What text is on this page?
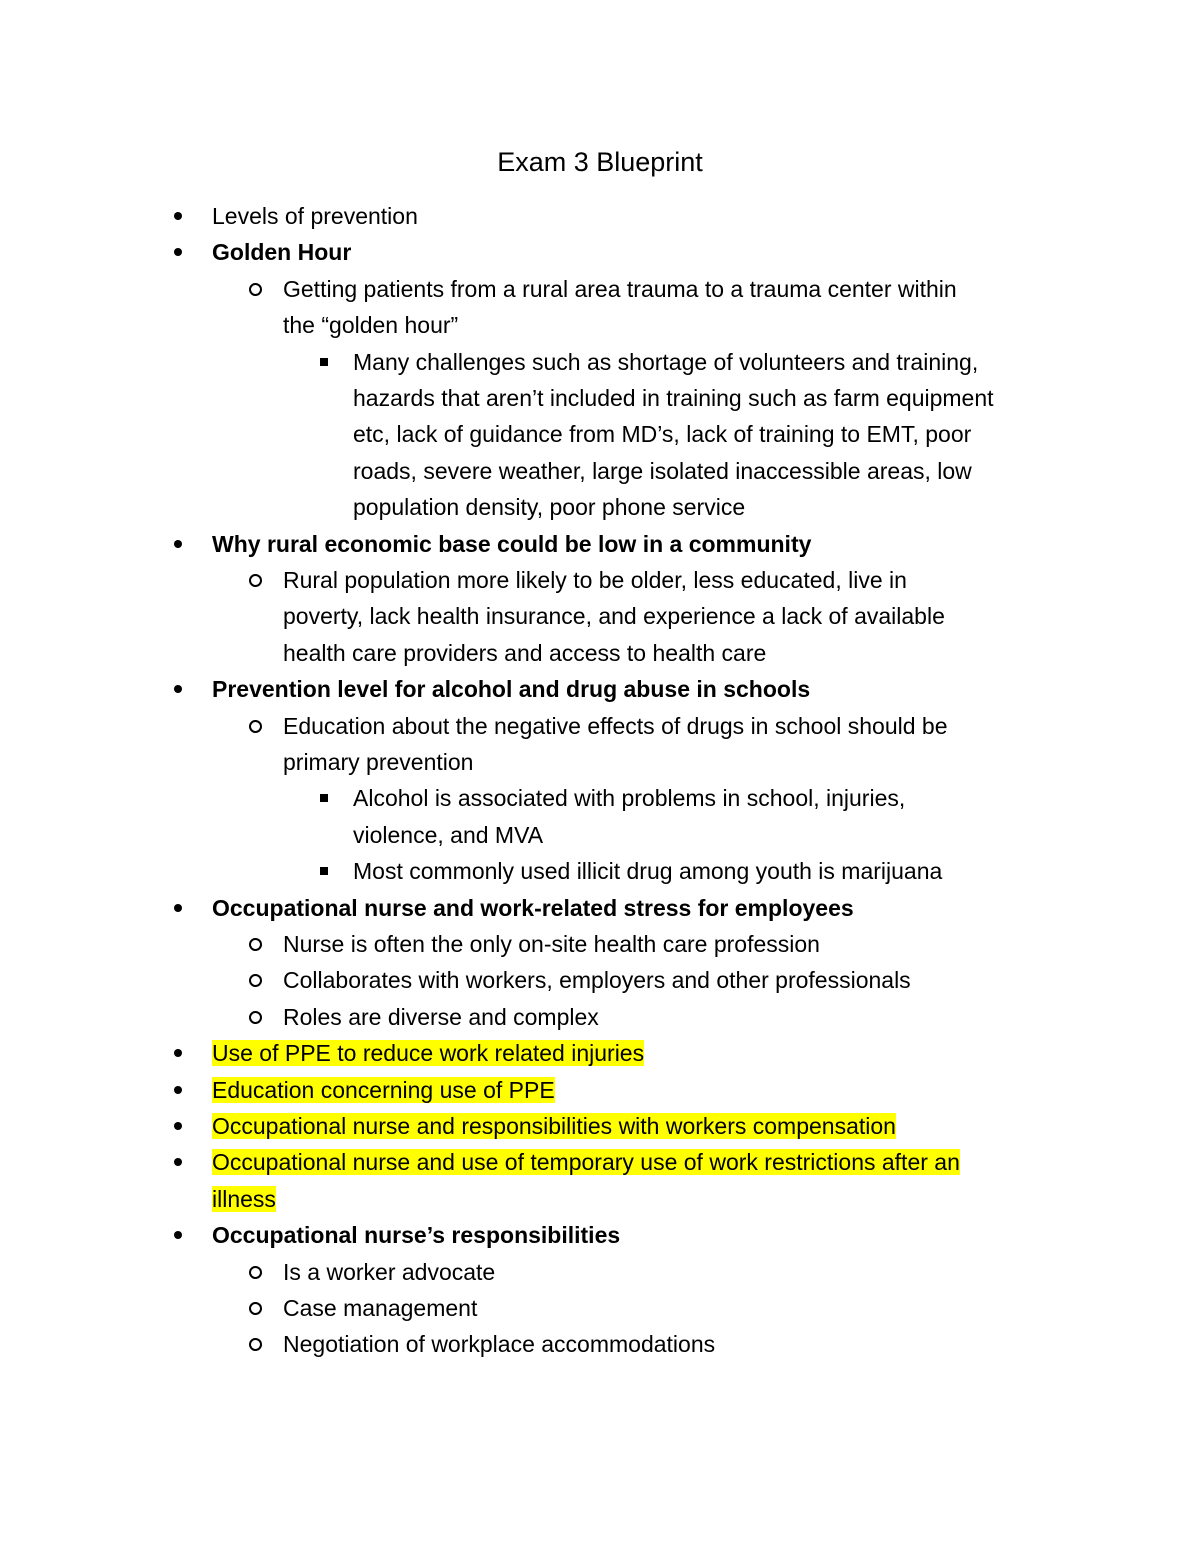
Exam 3 Blueprint
Levels of prevention
Golden Hour
Getting patients from a rural area trauma to a trauma center within
the “golden hour”
Many challenges such as shortage of volunteers and training,
hazards that aren’t included in training such as farm equipment
etc, lack of guidance from MD’s, lack of training to EMT, poor
roads, severe weather, large isolated inaccessible areas, low
population density, poor phone service
Why rural economic base could be low in a community
Rural population more likely to be older, less educated, live in
poverty, lack health insurance, and experience a lack of available
health care providers and access to health care
Prevention level for alcohol and drug abuse in schools
Education about the negative effects of drugs in school should be
primary prevention
Alcohol is associated with problems in school, injuries,
violence, and MVA
Most commonly used illicit drug among youth is marijuana
Occupational nurse and work-related stress for employees
Nurse is often the only on-site health care profession
Collaborates with workers, employers and other professionals
Roles are diverse and complex
Use of PPE to reduce work related injuries
Education concerning use of PPE
Occupational nurse and responsibilities with workers compensation
Occupational nurse and use of temporary use of work restrictions after an
illness
Occupational nurse’s responsibilities
Is a worker advocate
Case management
Negotiation of workplace accommodations
